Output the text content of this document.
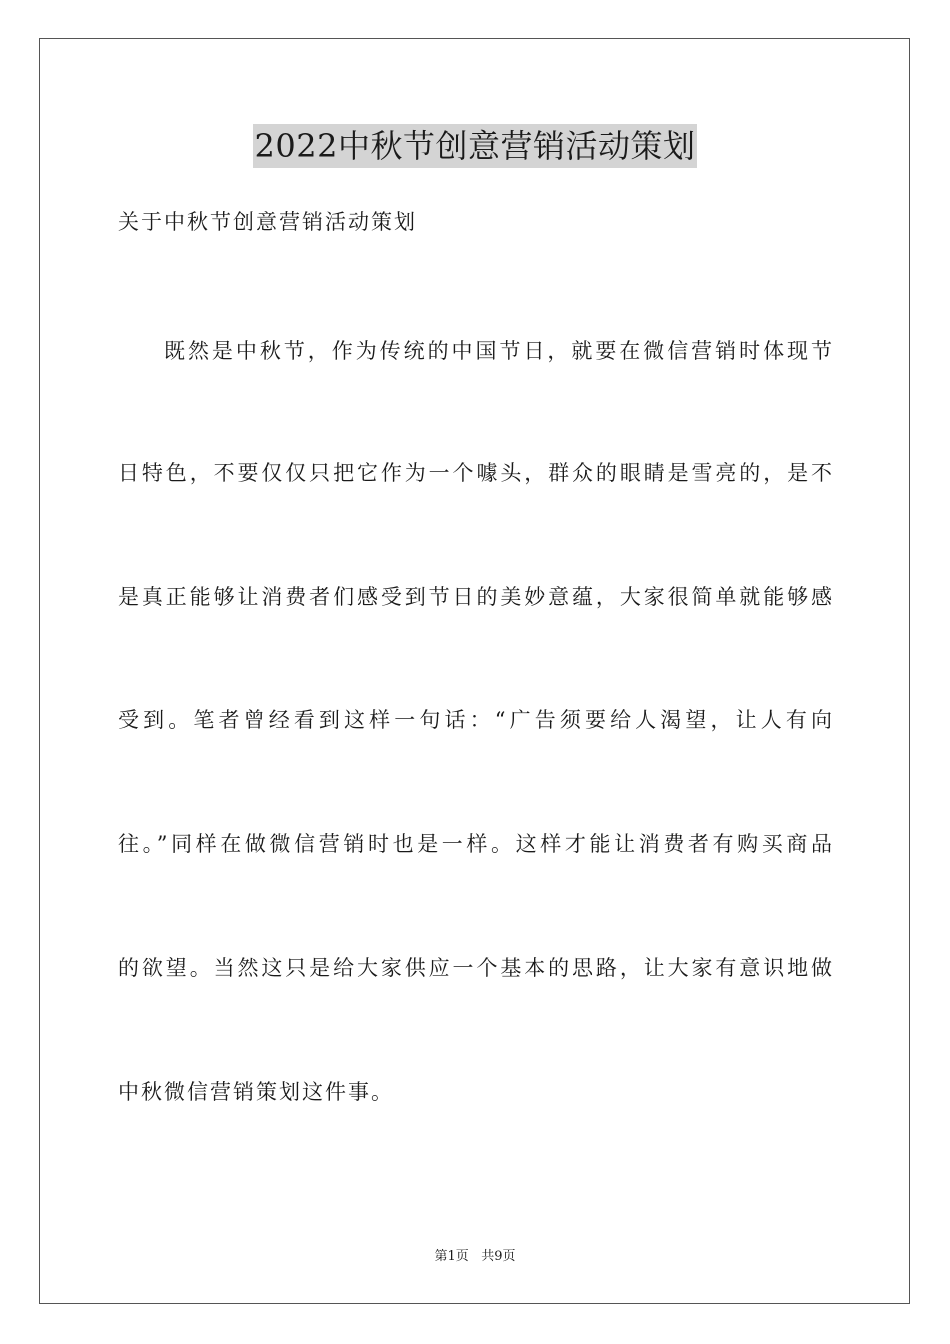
2022中秋节创意营销活动策划

关于中秋节创意营销活动策划

既然是中秋节，作为传统的中国节日，就要在微信营销时体现节

日特色，不要仅仅只把它作为一个噱头，群众的眼睛是雪亮的，是不

是真正能够让消费者们感受到节日的美妙意蕴，大家很简单就能够感

受到。笔者曾经看到这样一句话：“广告须要给人渴望，让人有向

往。”同样在做微信营销时也是一样。这样才能让消费者有购买商品

的欲望。当然这只是给大家供应一个基本的思路，让大家有意识地做

中秋微信营销策划这件事。

第1页 共9页
